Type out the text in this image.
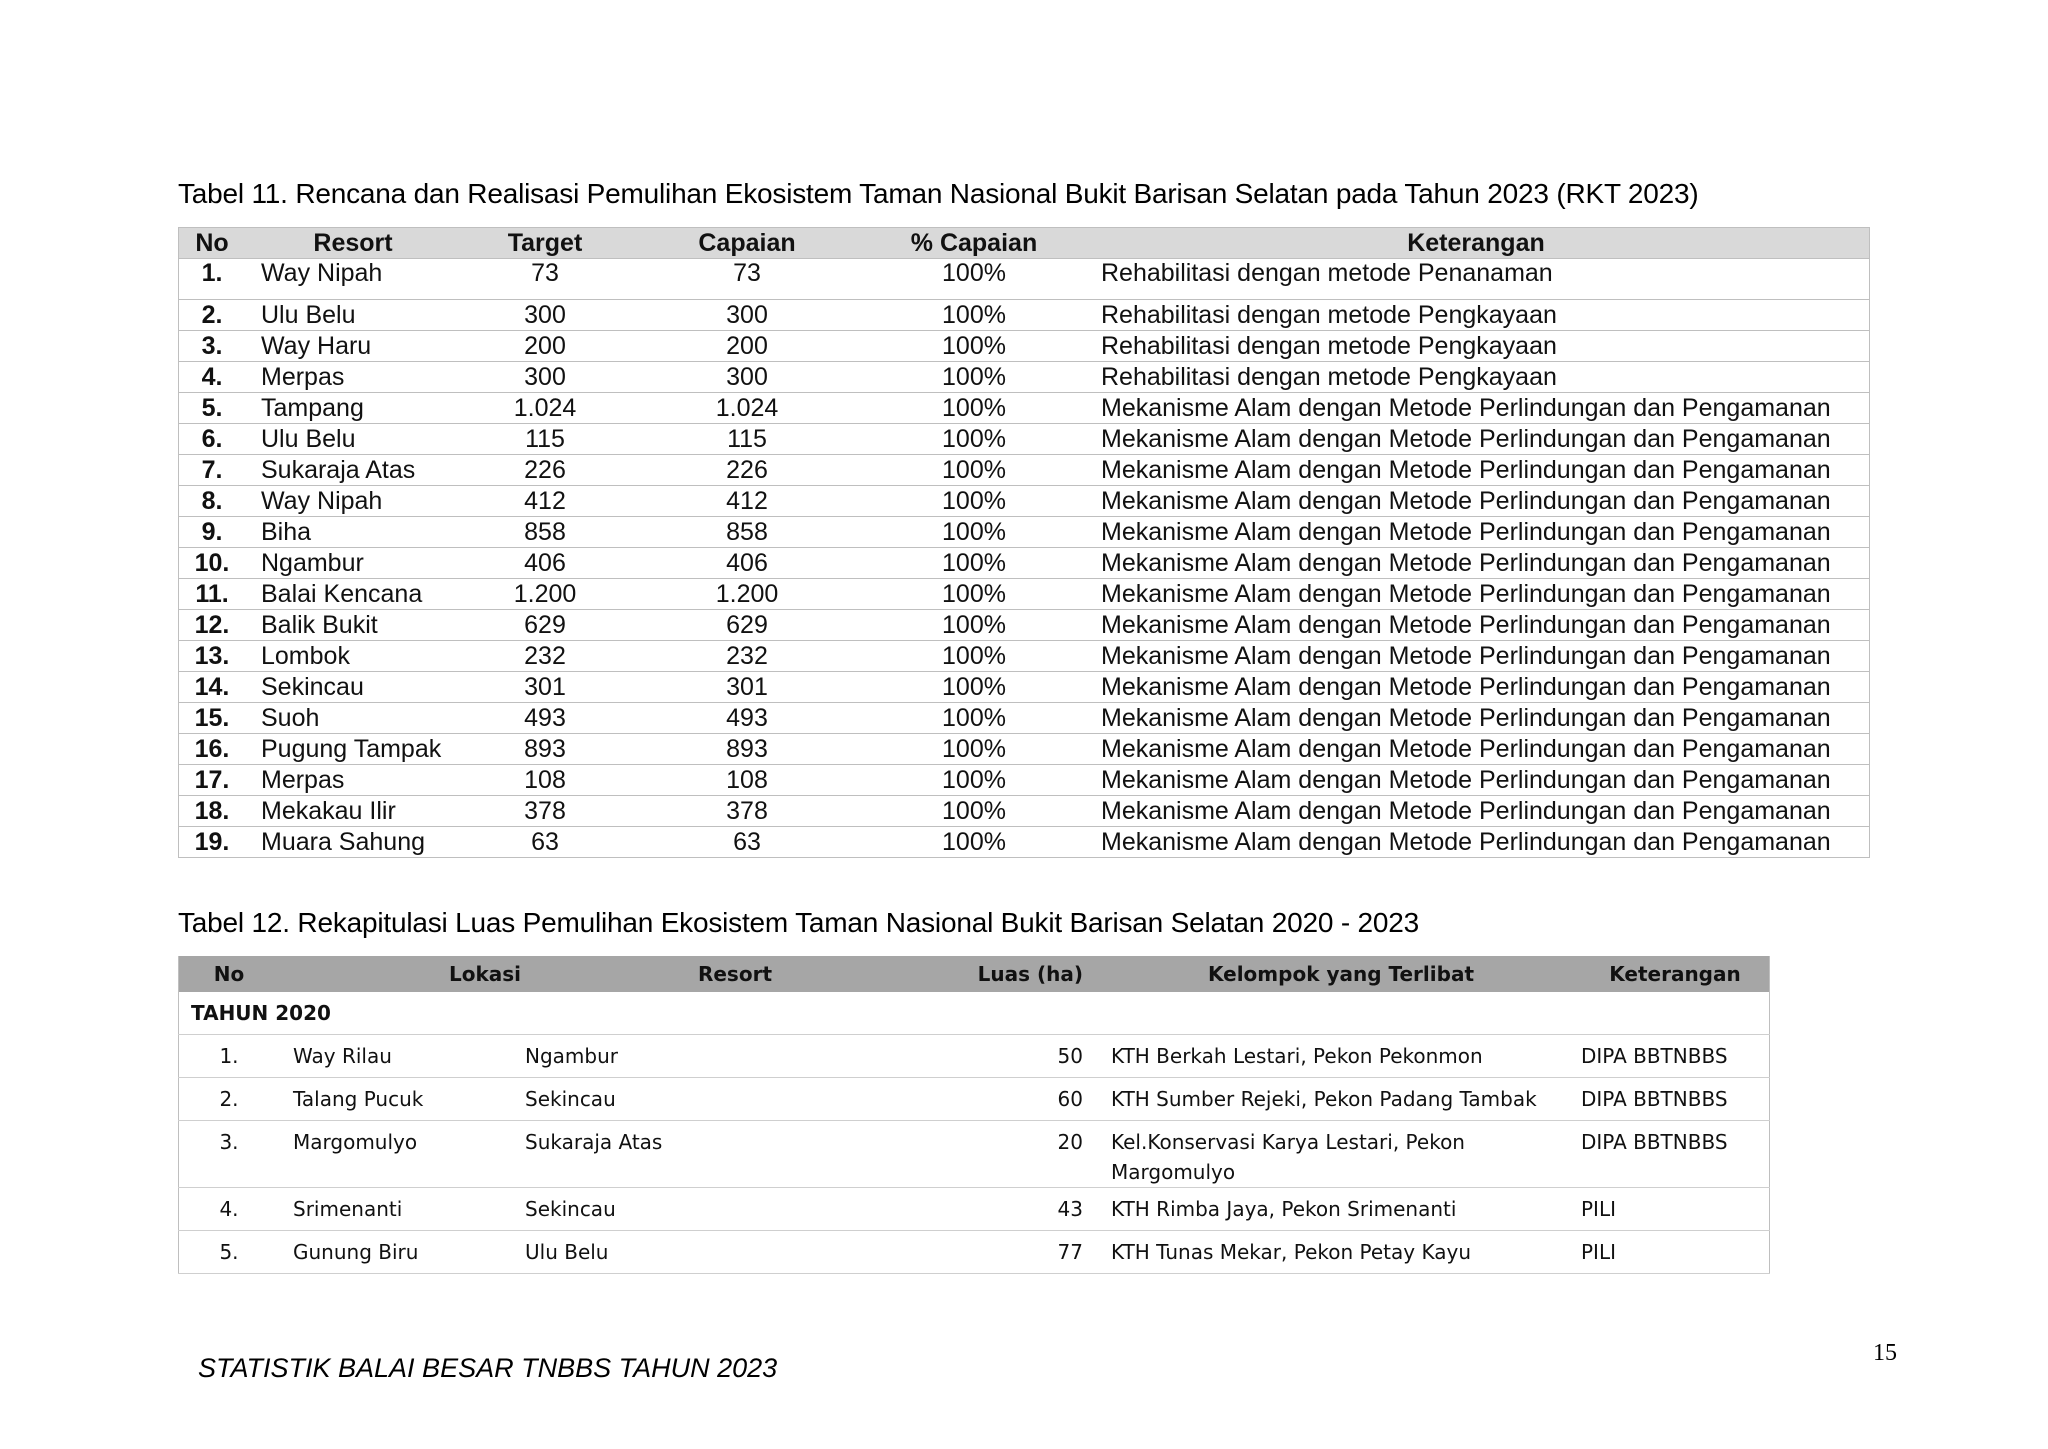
Tabel 11. Rencana dan Realisasi Pemulihan Ekosistem Taman Nasional Bukit Barisan Selatan pada Tahun 2023 (RKT 2023)
No	Resort	Target	Capaian	% Capaian	Keterangan
1.	Way Nipah	73	73	100%	Rehabilitasi dengan metode Penanaman
2.	Ulu Belu	300	300	100%	Rehabilitasi dengan metode Pengkayaan
3.	Way Haru	200	200	100%	Rehabilitasi dengan metode Pengkayaan
4.	Merpas	300	300	100%	Rehabilitasi dengan metode Pengkayaan
5.	Tampang	1.024	1.024	100%	Mekanisme Alam dengan Metode Perlindungan dan Pengamanan
6.	Ulu Belu	115	115	100%	Mekanisme Alam dengan Metode Perlindungan dan Pengamanan
7.	Sukaraja Atas	226	226	100%	Mekanisme Alam dengan Metode Perlindungan dan Pengamanan
8.	Way Nipah	412	412	100%	Mekanisme Alam dengan Metode Perlindungan dan Pengamanan
9.	Biha	858	858	100%	Mekanisme Alam dengan Metode Perlindungan dan Pengamanan
10.	Ngambur	406	406	100%	Mekanisme Alam dengan Metode Perlindungan dan Pengamanan
11.	Balai Kencana	1.200	1.200	100%	Mekanisme Alam dengan Metode Perlindungan dan Pengamanan
12.	Balik Bukit	629	629	100%	Mekanisme Alam dengan Metode Perlindungan dan Pengamanan
13.	Lombok	232	232	100%	Mekanisme Alam dengan Metode Perlindungan dan Pengamanan
14.	Sekincau	301	301	100%	Mekanisme Alam dengan Metode Perlindungan dan Pengamanan
15.	Suoh	493	493	100%	Mekanisme Alam dengan Metode Perlindungan dan Pengamanan
16.	Pugung Tampak	893	893	100%	Mekanisme Alam dengan Metode Perlindungan dan Pengamanan
17.	Merpas	108	108	100%	Mekanisme Alam dengan Metode Perlindungan dan Pengamanan
18.	Mekakau Ilir	378	378	100%	Mekanisme Alam dengan Metode Perlindungan dan Pengamanan
19.	Muara Sahung	63	63	100%	Mekanisme Alam dengan Metode Perlindungan dan Pengamanan
Tabel 12. Rekapitulasi Luas Pemulihan Ekosistem Taman Nasional Bukit Barisan Selatan 2020 - 2023
No	Lokasi	Resort	Luas (ha)	Kelompok yang Terlibat	Keterangan
TAHUN 2020					
1.	Way Rilau	Ngambur	50	KTH Berkah Lestari, Pekon Pekonmon	DIPA BBTNBBS
2.	Talang Pucuk	Sekincau	60	KTH Sumber Rejeki, Pekon Padang Tambak	DIPA BBTNBBS
3.	Margomulyo	Sukaraja Atas	20	Kel.Konservasi Karya Lestari, Pekon Margomulyo	DIPA BBTNBBS
4.	Srimenanti	Sekincau	43	KTH Rimba Jaya, Pekon Srimenanti	PILI
5.	Gunung Biru	Ulu Belu	77	KTH Tunas Mekar, Pekon Petay Kayu	PILI
STATISTIK BALAI BESAR TNBBS TAHUN 2023	15
